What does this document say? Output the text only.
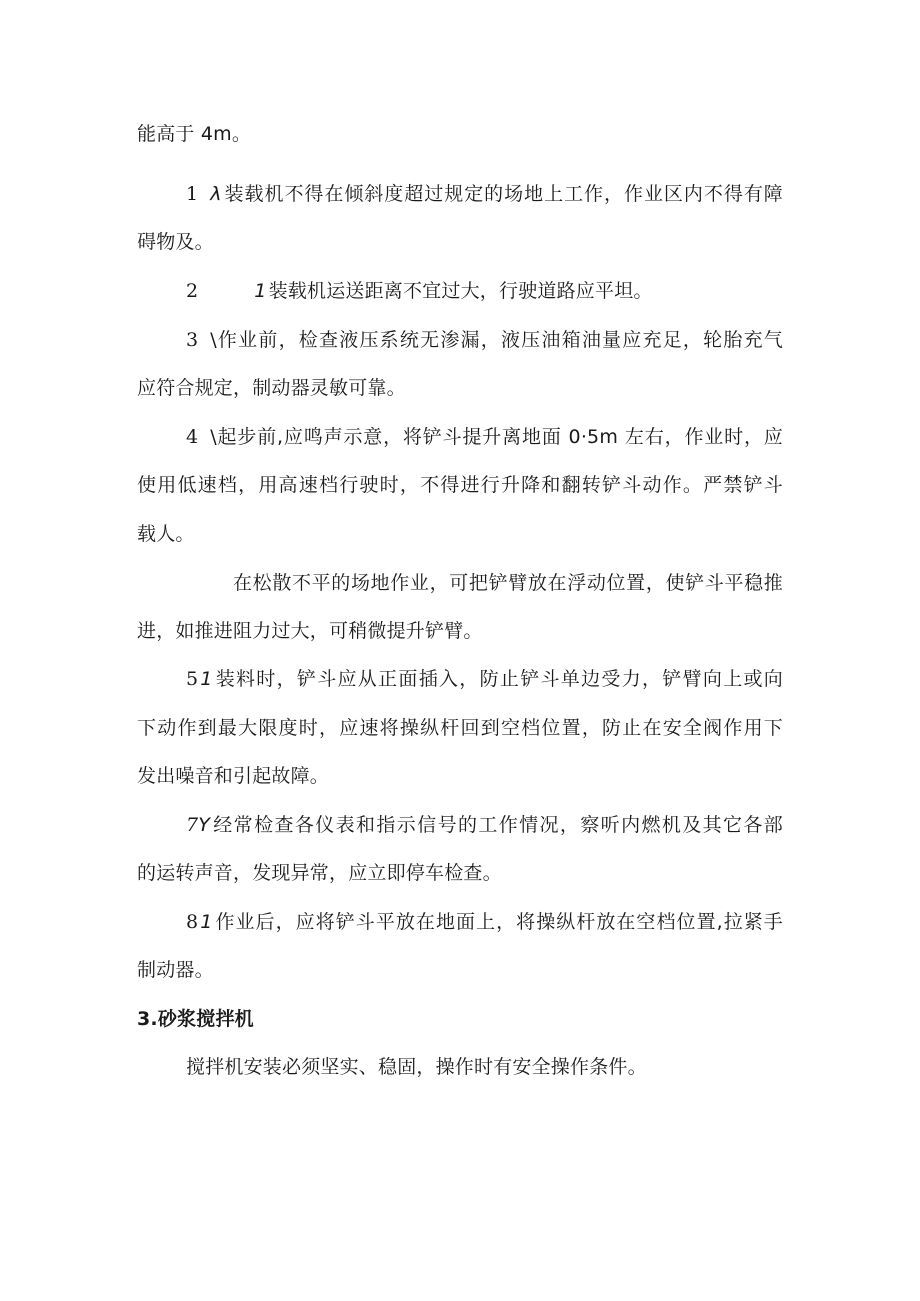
能高于 4m。
1 λ 装载机不得在倾斜度超过规定的场地上工作，作业区内不得有障
碍物及。
2	1 装载机运送距离不宜过大，行驶道路应平坦。
3 \作业前，检查液压系统无渗漏，液压油箱油量应充足，轮胎充气
应符合规定，制动器灵敏可靠。
4 \起步前,应鸣声示意，将铲斗提升离地面 0·5m 左右，作业时，应
使用低速档，用高速档行驶时，不得进行升降和翻转铲斗动作。严禁铲斗
载人。
在松散不平的场地作业，可把铲臂放在浮动位置，使铲斗平稳推
进，如推进阻力过大，可稍微提升铲臂。
5 1 装料时，铲斗应从正面插入，防止铲斗单边受力，铲臂向上或向
下动作到最大限度时，应速将操纵杆回到空档位置，防止在安全阀作用下
发出噪音和引起故障。
7Y 经常检查各仪表和指示信号的工作情况，察听内燃机及其它各部
的运转声音，发现异常，应立即停车检查。
8 1 作业后，应将铲斗平放在地面上，将操纵杆放在空档位置,拉紧手
制动器。
3.砂浆搅拌机
搅拌机安装必须坚实、稳固，操作时有安全操作条件。
